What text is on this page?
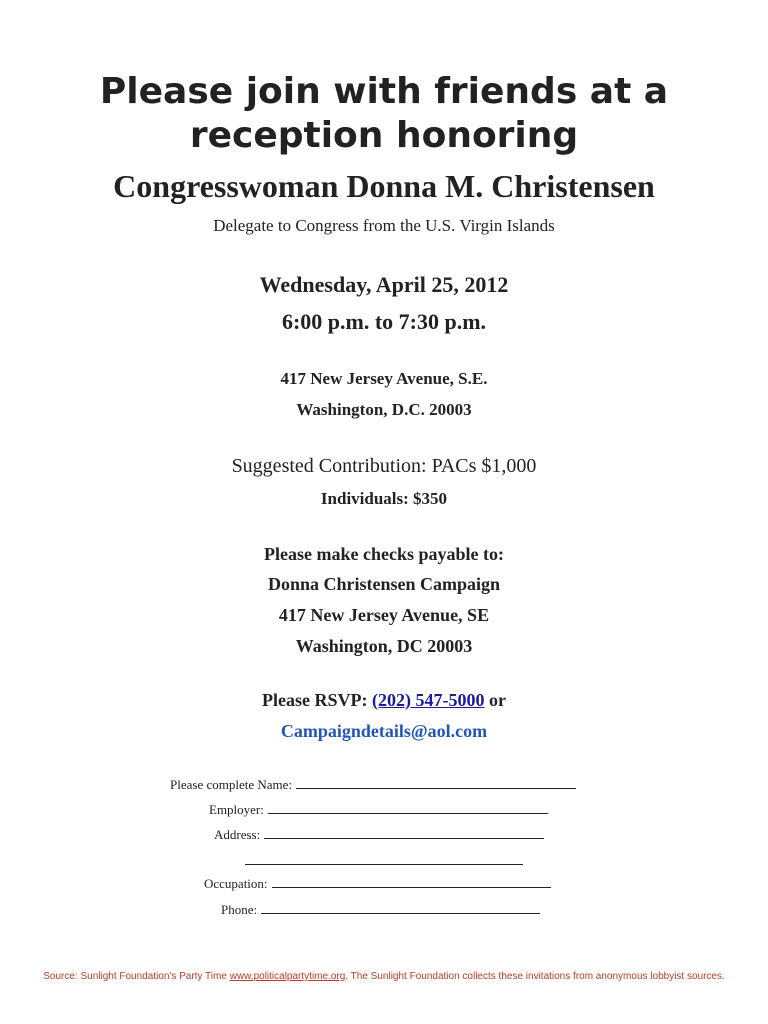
Please join with friends at a
reception honoring
Congresswoman Donna M. Christensen
Delegate to Congress from the U.S. Virgin Islands
Wednesday, April 25, 2012
6:00 p.m. to 7:30 p.m.
417 New Jersey Avenue, S.E.
Washington, D.C. 20003
Suggested Contribution: PACs $1,000
Individuals: $350
Please make checks payable to:
Donna Christensen Campaign
417 New Jersey Avenue, SE
Washington, DC 20003
Please RSVP: (202) 547-5000 or
Campaigndetails@aol.com
Please complete Name:
Employer:
Address:
Occupation:
Phone:
Source: Sunlight Foundation's Party Time www.politicalpartytime.org. The Sunlight Foundation collects these invitations from anonymous lobbyist sources.
